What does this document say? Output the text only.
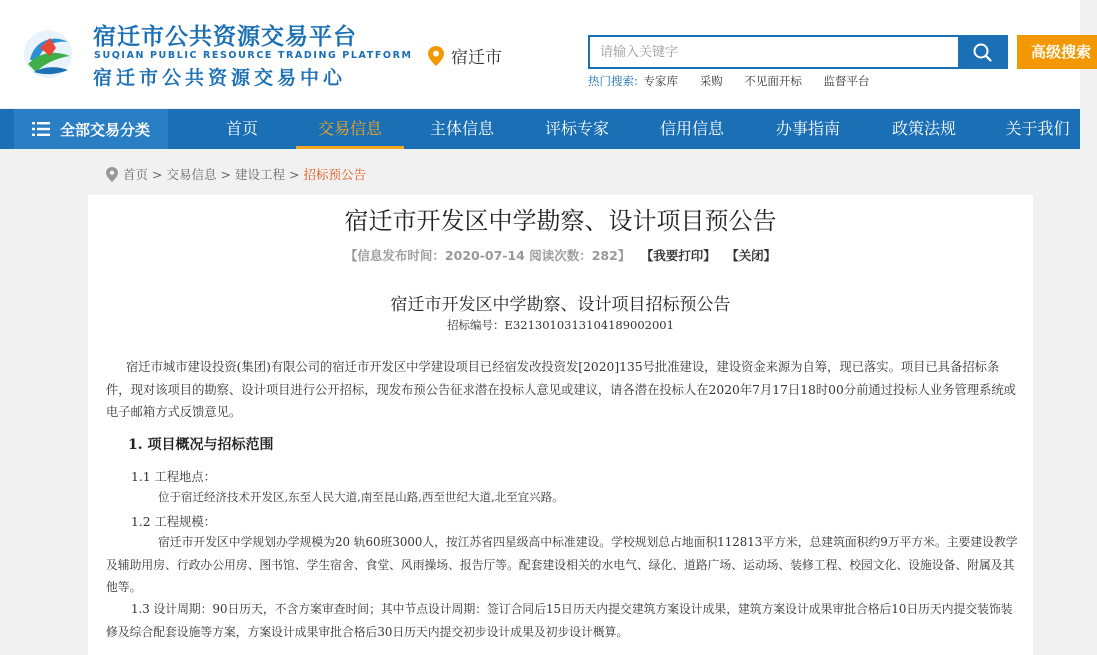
宿迁市公共资源交易平台
SUQIAN PUBLIC RESOURCE TRADING PLATFORM
宿迁市公共资源交易中心
宿迁市
请输入关键字	高级搜索
热门搜索: 专家库 采购 不见面开标 监督平台
全部交易分类	首页	交易信息	主体信息	评标专家	信用信息	办事指南	政策法规	关于我们
首页 > 交易信息 > 建设工程 > 招标预公告
宿迁市开发区中学勘察、设计项目预公告
【信息发布时间：2020-07-14 阅读次数：282】 【我要打印】 【关闭】
宿迁市开发区中学勘察、设计项目招标预公告
招标编号：E3213010313104189002001
宿迁市城市建设投资(集团)有限公司的宿迁市开发区中学建设项目已经宿发改投资发[2020]135号批准建设，建设资金来源为自筹，现已落实。项目已具备招标条件，现对该项目的勘察、设计项目进行公开招标，现发布预公告征求潜在投标人意见或建议，请各潜在投标人在2020年7月17日18时00分前通过投标人业务管理系统或电子邮箱方式反馈意见。
1. 项目概况与招标范围
1.1 工程地点：
位于宿迁经济技术开发区,东至人民大道,南至昆山路,西至世纪大道,北至宜兴路。
1.2 工程规模：
宿迁市开发区中学规划办学规模为20 轨60班3000人，按江苏省四星级高中标准建设。学校规划总占地面积112813平方米，总建筑面积约9万平方米。主要建设教学及辅助用房、行政办公用房、图书馆、学生宿舍、食堂、风雨操场、报告厅等。配套建设相关的水电气、绿化、道路广场、运动场、装修工程、校园文化、设施设备、附属及其他等。
1.3 设计周期：90日历天，不含方案审查时间；其中节点设计周期：签订合同后15日历天内提交建筑方案设计成果，建筑方案设计成果审批合格后10日历天内提交装饰装修及综合配套设施等方案，方案设计成果审批合格后30日历天内提交初步设计成果及初步设计概算。
